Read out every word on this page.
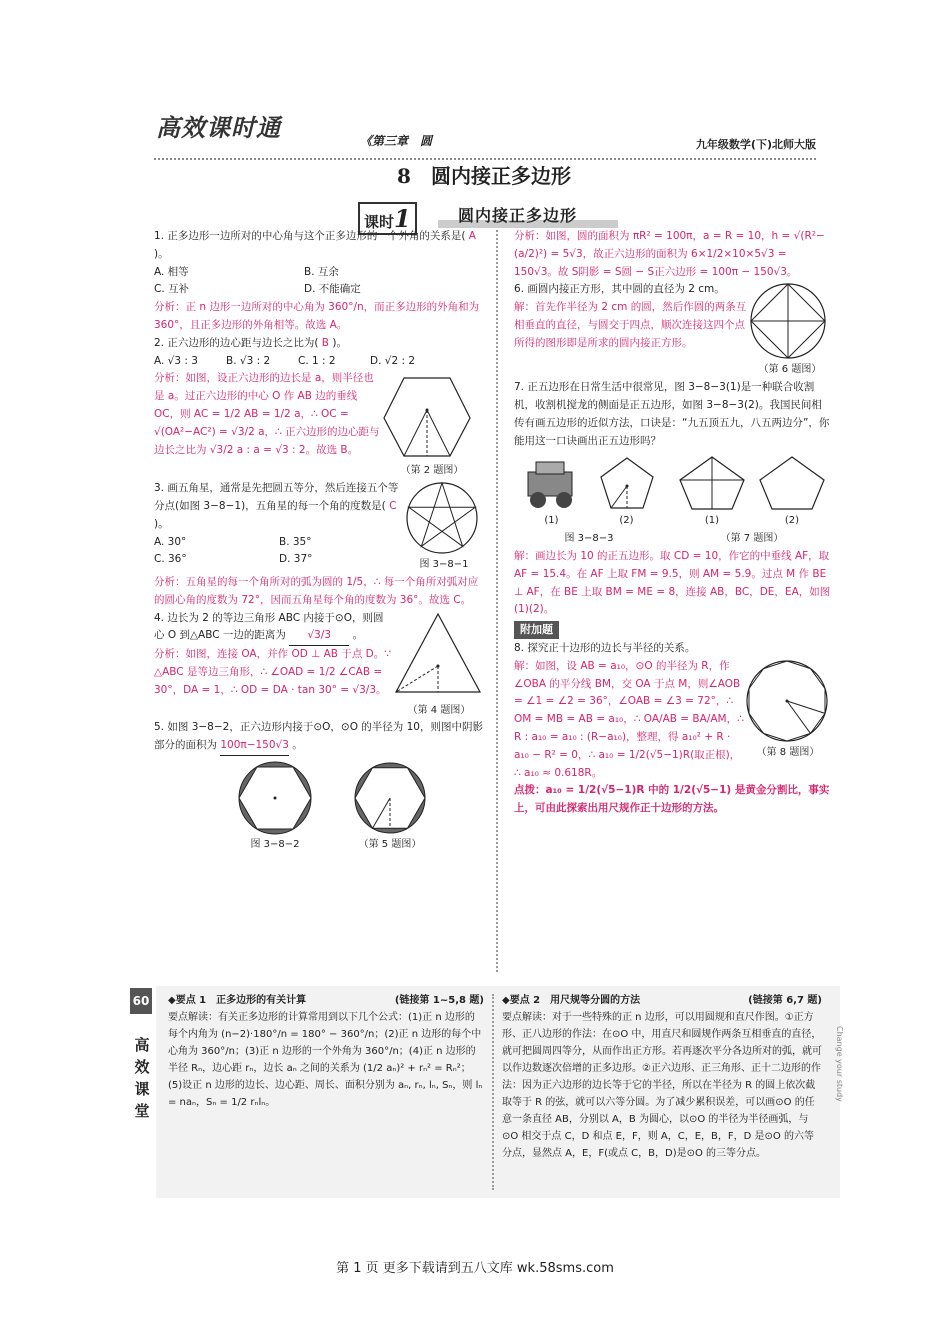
高效课时通	《第三章　圆	九年级数学(下)北师大版
8　圆内接正多边形
课时1	圆内接正多边形
1. 正多边形一边所对的中心角与这个正多边形的一个外角的关系是( A )。
A. 相等	B. 互余
C. 互补	D. 不能确定
分析：正 n 边形一边所对的中心角为 360°/n，而正多边形的外角和为 360°，且正多边形的外角相等。故选 A。
2. 正六边形的边心距与边长之比为( B )。
A. √3 : 3	B. √3 : 2	C. 1 : 2	D. √2 : 2
分析：如图，设正六边形的边长是 a，则半径也是 a。过正六边形的中心 O 作 AB 边的垂线 OC，则 AC = 1/2 AB = 1/2 a，∴ OC = √(OA²−AC²) = √3/2 a，∴ 正六边形的边心距与边长之比为 √3/2 a : a = √3 : 2。故选 B。
（第 2 题图）
3. 画五角星，通常是先把圆五等分，然后连接五个等分点(如图 3−8−1)，五角星的每一个角的度数是( C )。
A. 30°	B. 35°
C. 36°	D. 37°	图 3−8−1
分析：五角星的每一个角所对的弧为圆的 1/5，∴ 每一个角所对弧对应的圆心角的度数为 72°，因而五角星每个角的度数为 36°。故选 C。
4. 边长为 2 的等边三角形 ABC 内接于⊙O，则圆心 O 到△ABC 一边的距离为 √3/3 。
分析：如图，连接 OA，并作 OD ⊥ AB 于点 D。∵ △ABC 是等边三角形，∴ ∠OAD = 1/2 ∠CAB = 30°，DA = 1，∴ OD = DA · tan 30° = √3/3。
（第 4 题图）
5. 如图 3−8−2，正六边形内接于⊙O，⊙O 的半径为 10，则图中阴影部分的面积为 100π−150√3 。
图 3−8−2	（第 5 题图）
分析：如图，圆的面积为 πR² = 100π，a = R = 10，h = √(R²−(a/2)²) = 5√3，故正六边形的面积为 6×1/2×10×5√3 = 150√3。故 S阴影 = S圆 − S正六边形 = 100π − 150√3。
6. 画圆内接正方形，其中圆的直径为 2 cm。
解：首先作半径为 2 cm 的圆，然后作圆的两条互相垂直的直径，与圆交于四点，顺次连接这四个点所得的图形即是所求的圆内接正方形。
（第 6 题图）
7. 正五边形在日常生活中很常见，图 3−8−3(1)是一种联合收割机，收割机搅龙的侧面是正五边形，如图 3−8−3(2)。我国民间相传有画五边形的近似方法，口诀是：“九五顶五九，八五两边分”，你能用这一口诀画出正五边形吗？
(1)	(2)
图 3−8−3
(1)	(2)
（第 7 题图）
解：画边长为 10 的正五边形。取 CD = 10，作它的中垂线 AF，取 AF = 15.4。在 AF 上取 FM = 9.5，则 AM = 5.9。过点 M 作 BE ⊥ AF，在 BE 上取 BM = ME = 8，连接 AB，BC，DE，EA，如图(1)(2)。
附加题
8. 探究正十边形的边长与半径的关系。
解：如图，设 AB = a₁₀，⊙O 的半径为 R，作∠OBA 的平分线 BM，交 OA 于点 M，则∠AOB = ∠1 = ∠2 = 36°，∠OAB = ∠3 = 72°，∴ OM = MB = AB = a₁₀，∴ OA/AB = BA/AM，∴ R : a₁₀ = a₁₀ : (R−a₁₀)，整理，得 a₁₀² + R · a₁₀ − R² = 0，∴ a₁₀ = 1/2(√5−1)R(取正根)，∴ a₁₀ ≈ 0.618R。
（第 8 题图）
点拨：a₁₀ = 1/2(√5−1)R 中的 1/2(√5−1) 是黄金分割比，事实上，可由此探索出用尺规作正十边形的方法。
60
高效课堂
(链接第 1~5,8 题)
◆要点 1　正多边形的有关计算
要点解读：有关正多边形的计算常用到以下几个公式：(1)正 n 边形的每个内角为 (n−2)·180°/n = 180° − 360°/n；(2)正 n 边形的每个中心角为 360°/n；(3)正 n 边形的一个外角为 360°/n；(4)正 n 边形的半径 Rₙ，边心距 rₙ，边长 aₙ 之间的关系为 (1/2 aₙ)² + rₙ² = Rₙ²；(5)设正 n 边形的边长、边心距、周长、面积分别为 aₙ, rₙ, lₙ, Sₙ，则 lₙ = naₙ，Sₙ = 1/2 rₙlₙ。
(链接第 6,7 题)
◆要点 2　用尺规等分圆的方法
要点解读：对于一些特殊的正 n 边形，可以用圆规和直尺作图。①正方形、正八边形的作法：在⊙O 中，用直尺和圆规作两条互相垂直的直径，就可把圆周四等分，从而作出正方形。若再逐次平分各边所对的弧，就可以作边数逐次倍增的正多边形。②正六边形、正三角形、正十二边形的作法：因为正六边形的边长等于它的半径，所以在半径为 R 的圆上依次截取等于 R 的弦，就可以六等分圆。为了减少累积误差，可以画⊙O 的任意一条直径 AB，分别以 A，B 为圆心，以⊙O 的半径为半径画弧，与⊙O 相交于点 C，D 和点 E，F，则 A，C，E，B，F，D 是⊙O 的六等分点，显然点 A，E，F(或点 C，B，D)是⊙O 的三等分点。
Change your study
第 1 页 更多下载请到五八文库 wk.58sms.com
